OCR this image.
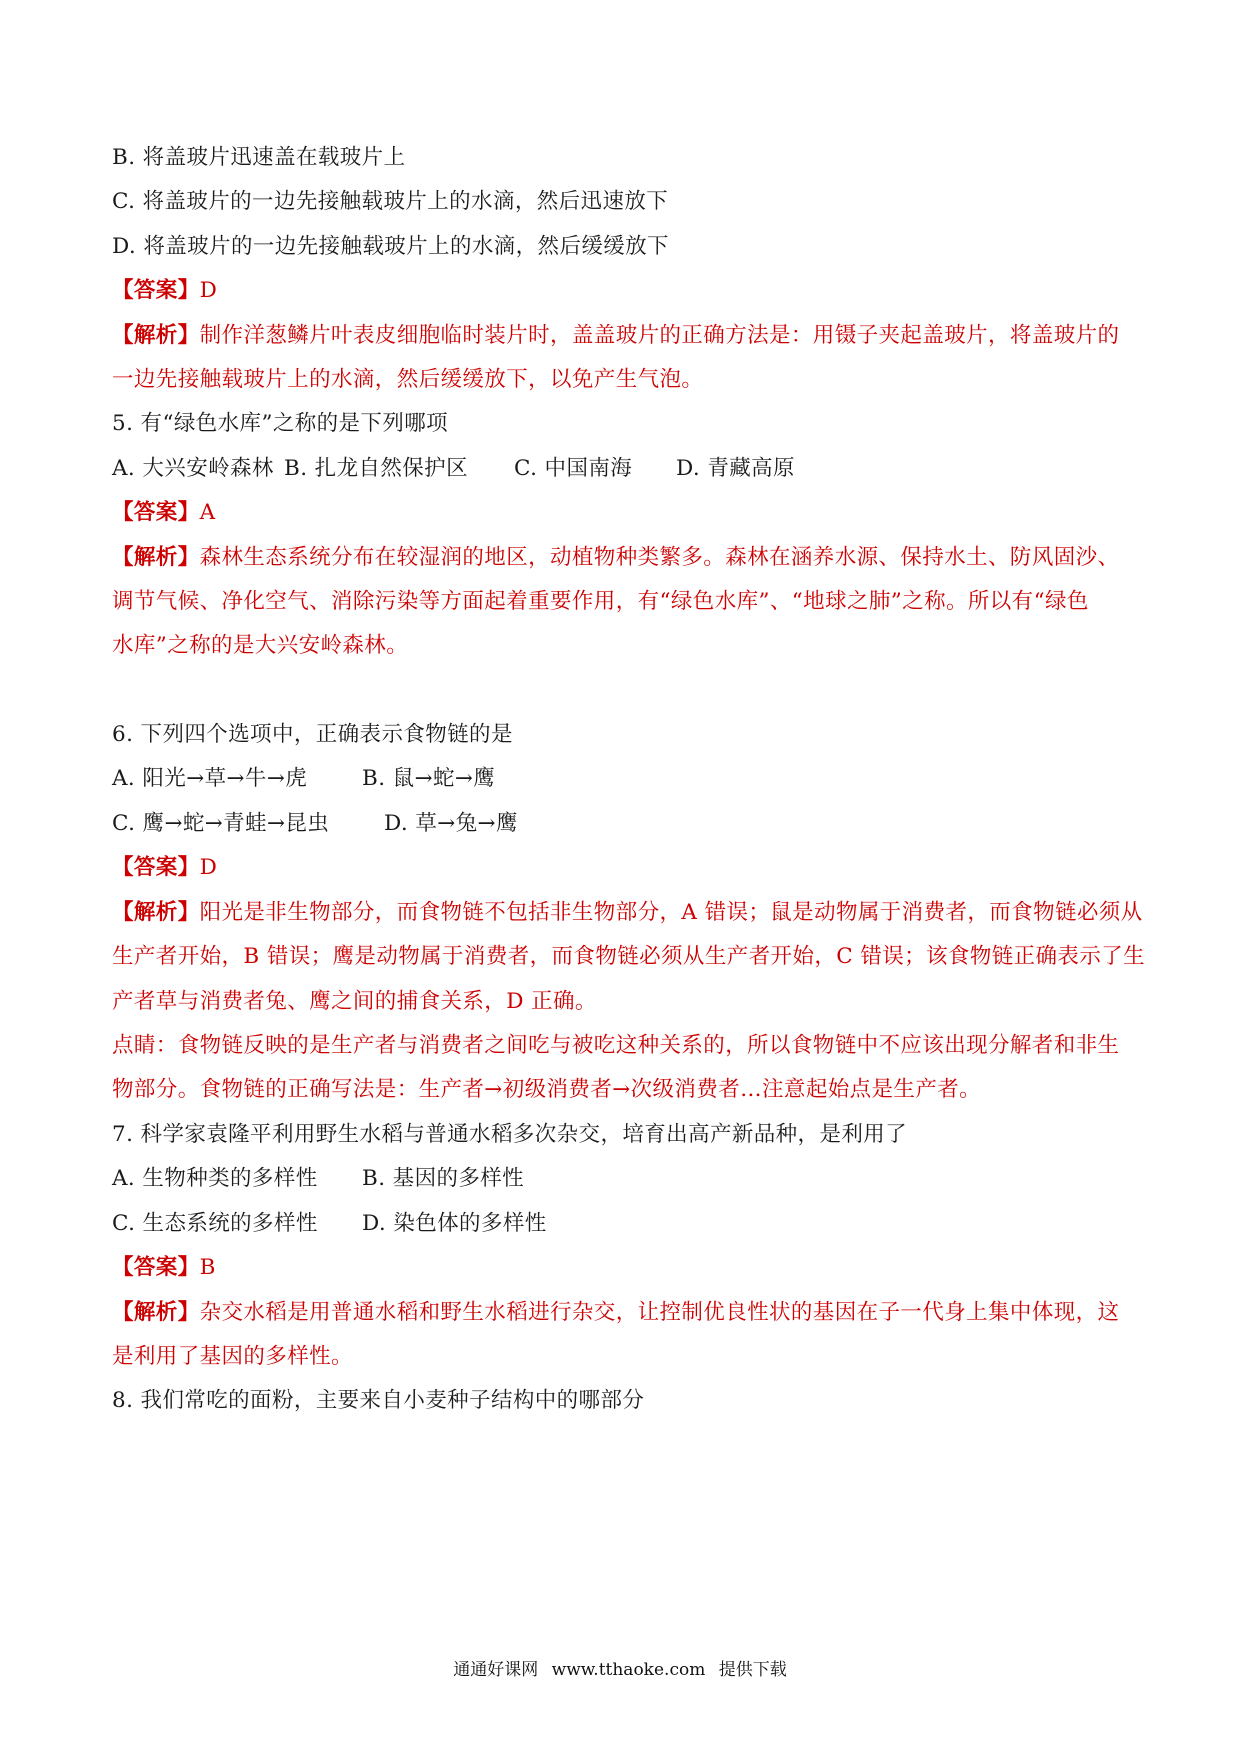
B. 将盖玻片迅速盖在载玻片上
C. 将盖玻片的一边先接触载玻片上的水滴，然后迅速放下
D. 将盖玻片的一边先接触载玻片上的水滴，然后缓缓放下
【答案】D
【解析】制作洋葱鳞片叶表皮细胞临时装片时，盖盖玻片的正确方法是：用镊子夹起盖玻片，将盖玻片的
一边先接触载玻片上的水滴，然后缓缓放下，以免产生气泡。
5. 有“绿色水库”之称的是下列哪项
A. 大兴安岭森林 B. 扎龙自然保护区 C. 中国南海 D. 青藏高原
【答案】A
【解析】森林生态系统分布在较湿润的地区，动植物种类繁多。森林在涵养水源、保持水土、防风固沙、
调节气候、净化空气、消除污染等方面起着重要作用，有“绿色水库”、“地球之肺”之称。所以有“绿色
水库”之称的是大兴安岭森林。
6. 下列四个选项中，正确表示食物链的是
A. 阳光→草→牛→虎	B. 鼠→蛇→鹰
C. 鹰→蛇→青蛙→昆虫	D. 草→兔→鹰
【答案】D
【解析】阳光是非生物部分，而食物链不包括非生物部分，A 错误；鼠是动物属于消费者，而食物链必须从
生产者开始，B 错误；鹰是动物属于消费者，而食物链必须从生产者开始，C 错误；该食物链正确表示了生
产者草与消费者兔、鹰之间的捕食关系，D 正确。
点睛：食物链反映的是生产者与消费者之间吃与被吃这种关系的，所以食物链中不应该出现分解者和非生
物部分。食物链的正确写法是：生产者→初级消费者→次级消费者…注意起始点是生产者。
7. 科学家袁隆平利用野生水稻与普通水稻多次杂交，培育出高产新品种，是利用了
A. 生物种类的多样性 B. 基因的多样性
C. 生态系统的多样性 D. 染色体的多样性
【答案】B
【解析】杂交水稻是用普通水稻和野生水稻进行杂交，让控制优良性状的基因在子一代身上集中体现，这
是利用了基因的多样性。
8. 我们常吃的面粉，主要来自小麦种子结构中的哪部分
通通好课网 www.tthaoke.com 提供下载
